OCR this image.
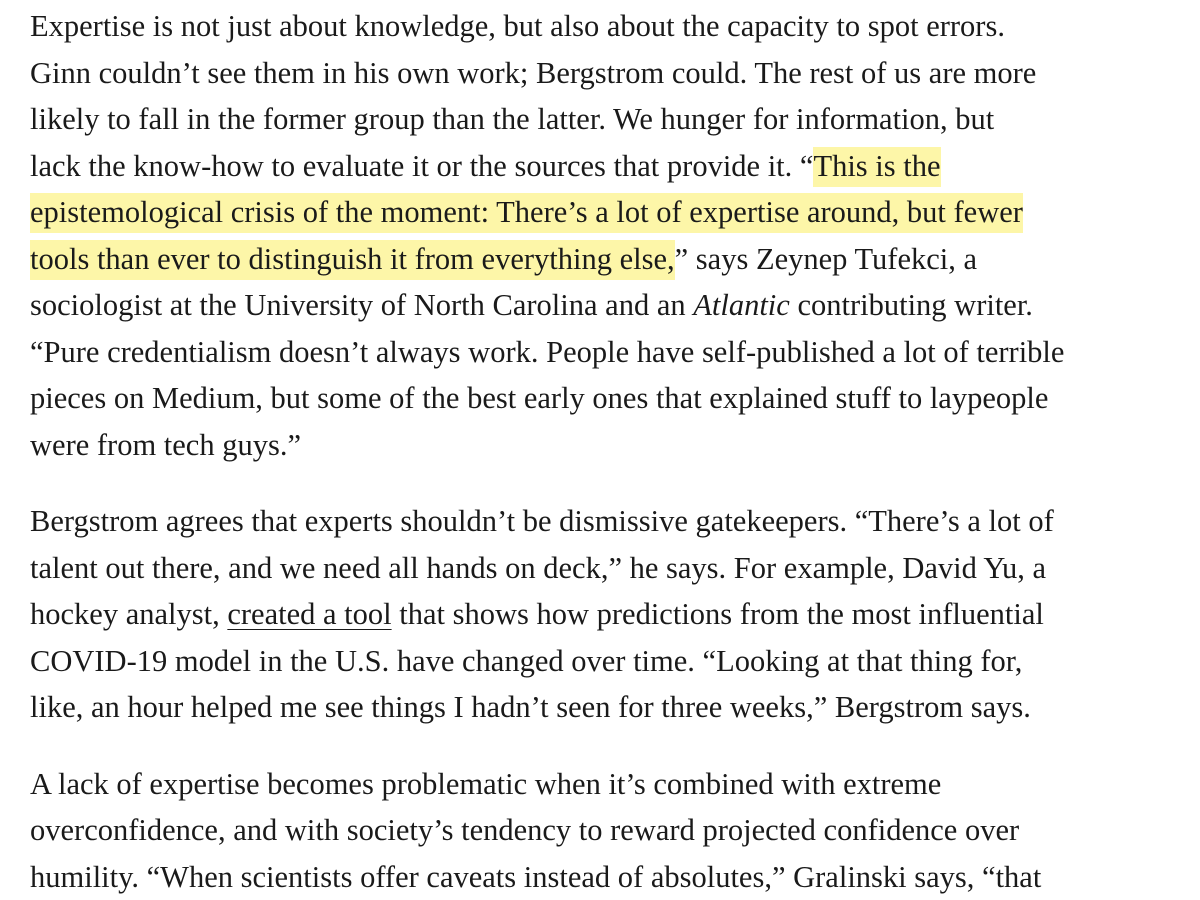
Expertise is not just about knowledge, but also about the capacity to spot errors.
Ginn couldn’t see them in his own work; Bergstrom could. The rest of us are more
likely to fall in the former group than the latter. We hunger for information, but
lack the know-how to evaluate it or the sources that provide it. “This is the
epistemological crisis of the moment: There’s a lot of expertise around, but fewer
tools than ever to distinguish it from everything else,” says Zeynep Tufekci, a
sociologist at the University of North Carolina and an Atlantic contributing writer.
“Pure credentialism doesn’t always work. People have self-published a lot of terrible
pieces on Medium, but some of the best early ones that explained stuff to laypeople
were from tech guys.”

Bergstrom agrees that experts shouldn’t be dismissive gatekeepers. “There’s a lot of
talent out there, and we need all hands on deck,” he says. For example, David Yu, a
hockey analyst, created a tool that shows how predictions from the most influential
COVID-19 model in the U.S. have changed over time. “Looking at that thing for,
like, an hour helped me see things I hadn’t seen for three weeks,” Bergstrom says.

A lack of expertise becomes problematic when it’s combined with extreme
overconfidence, and with society’s tendency to reward projected confidence over
humility. “When scientists offer caveats instead of absolutes,” Gralinski says, “that
